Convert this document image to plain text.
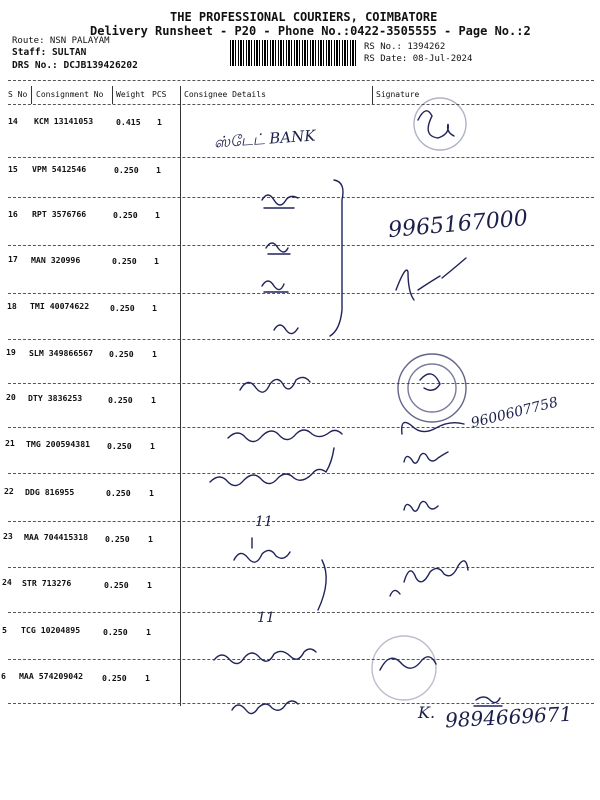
THE PROFESSIONAL COURIERS, COIMBATORE
Delivery Runsheet - P20 - Phone No.:0422-3505555 - Page No.:2
Route: NSN PALAYAM
Staff: SULTAN
DRS No.: DCJB139426202
RS No.: 1394262
RS Date: 08-Jul-2024
S No Consignment No Weight PCS Consignee Details	Signature
14 KCM 13141053	0.415 1
15 VPM 5412546	0.250 1
16 RPT 3576766	0.250 1
17 MAN 320996	0.250 1
18 TMI 40074622	0.250 1
19 SLM 349866567 0.250 1
20 DTY 3836253	0.250 1
21 TMG 200594381 0.250 1
22 DDG 816955	0.250 1
23 MAA 704415318 0.250 1
24 STR 713276	0.250 1
5 TCG 10204895	0.250 1
6 MAA 574209042 0.250 1
ஸ்டேட் BANK
9965167000
9600607758
11
11
K. 9894669671
